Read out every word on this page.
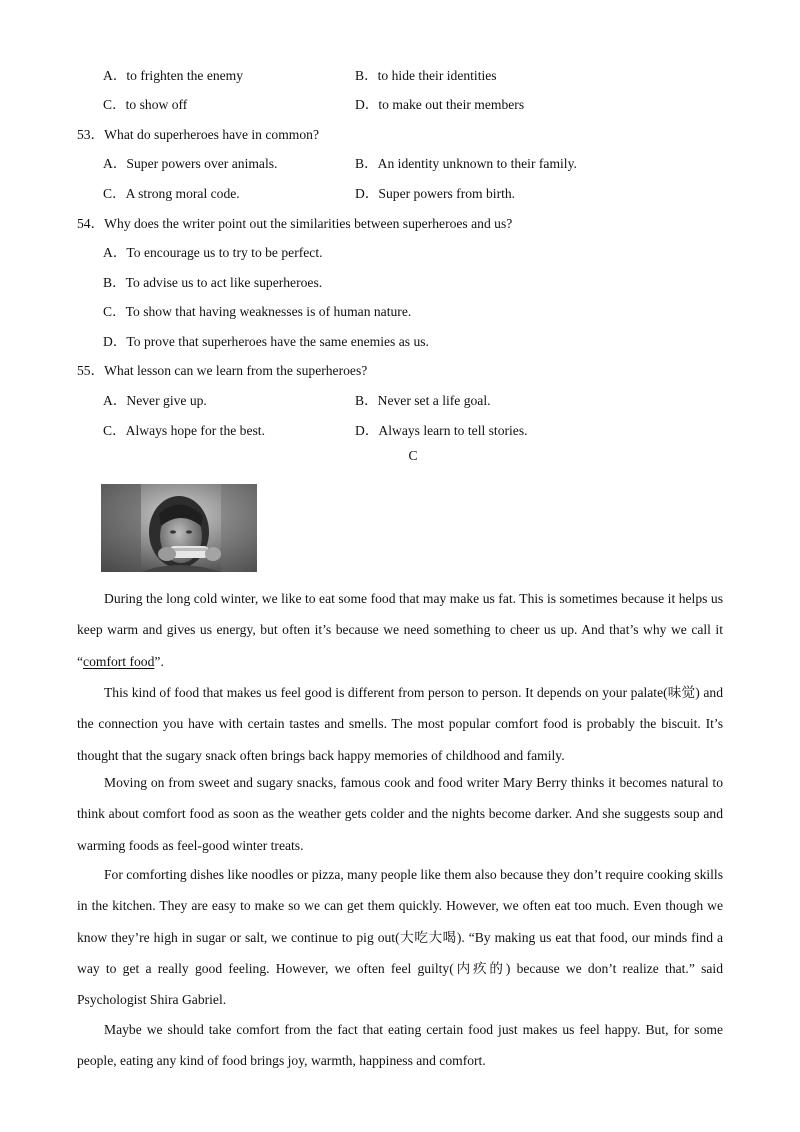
A．to frighten the enemy	B．to hide their identities
C．to show off	D．to make out their members
53．What do superheroes have in common?
A．Super powers over animals.	B．An identity unknown to their family.
C．A strong moral code.	D．Super powers from birth.
54．Why does the writer point out the similarities between superheroes and us?
A．To encourage us to try to be perfect.
B．To advise us to act like superheroes.
C．To show that having weaknesses is of human nature.
D．To prove that superheroes have the same enemies as us.
55．What lesson can we learn from the superheroes?
A．Never give up.	B．Never set a life goal.
C．Always hope for the best.	D．Always learn to tell stories.
C
During the long cold winter, we like to eat some food that may make us fat. This is sometimes because it helps us keep warm and gives us energy, but often it’s because we need something to cheer us up. And that’s why we call it “comfort food”.
This kind of food that makes us feel good is different from person to person. It depends on your palate(味觉) and the connection you have with certain tastes and smells. The most popular comfort food is probably the biscuit. It’s thought that the sugary snack often brings back happy memories of childhood and family.
Moving on from sweet and sugary snacks, famous cook and food writer Mary Berry thinks it becomes natural to think about comfort food as soon as the weather gets colder and the nights become darker. And she suggests soup and warming foods as feel-good winter treats.
For comforting dishes like noodles or pizza, many people like them also because they don’t require cooking skills in the kitchen. They are easy to make so we can get them quickly. However, we often eat too much. Even though we know they’re high in sugar or salt, we continue to pig out(大吃大喝). “By making us eat that food, our minds find a way to get a really good feeling. However, we often feel guilty(内疚的) because we don’t realize that.” said Psychologist Shira Gabriel.
Maybe we should take comfort from the fact that eating certain food just makes us feel happy. But, for some people, eating any kind of food brings joy, warmth, happiness and comfort.
